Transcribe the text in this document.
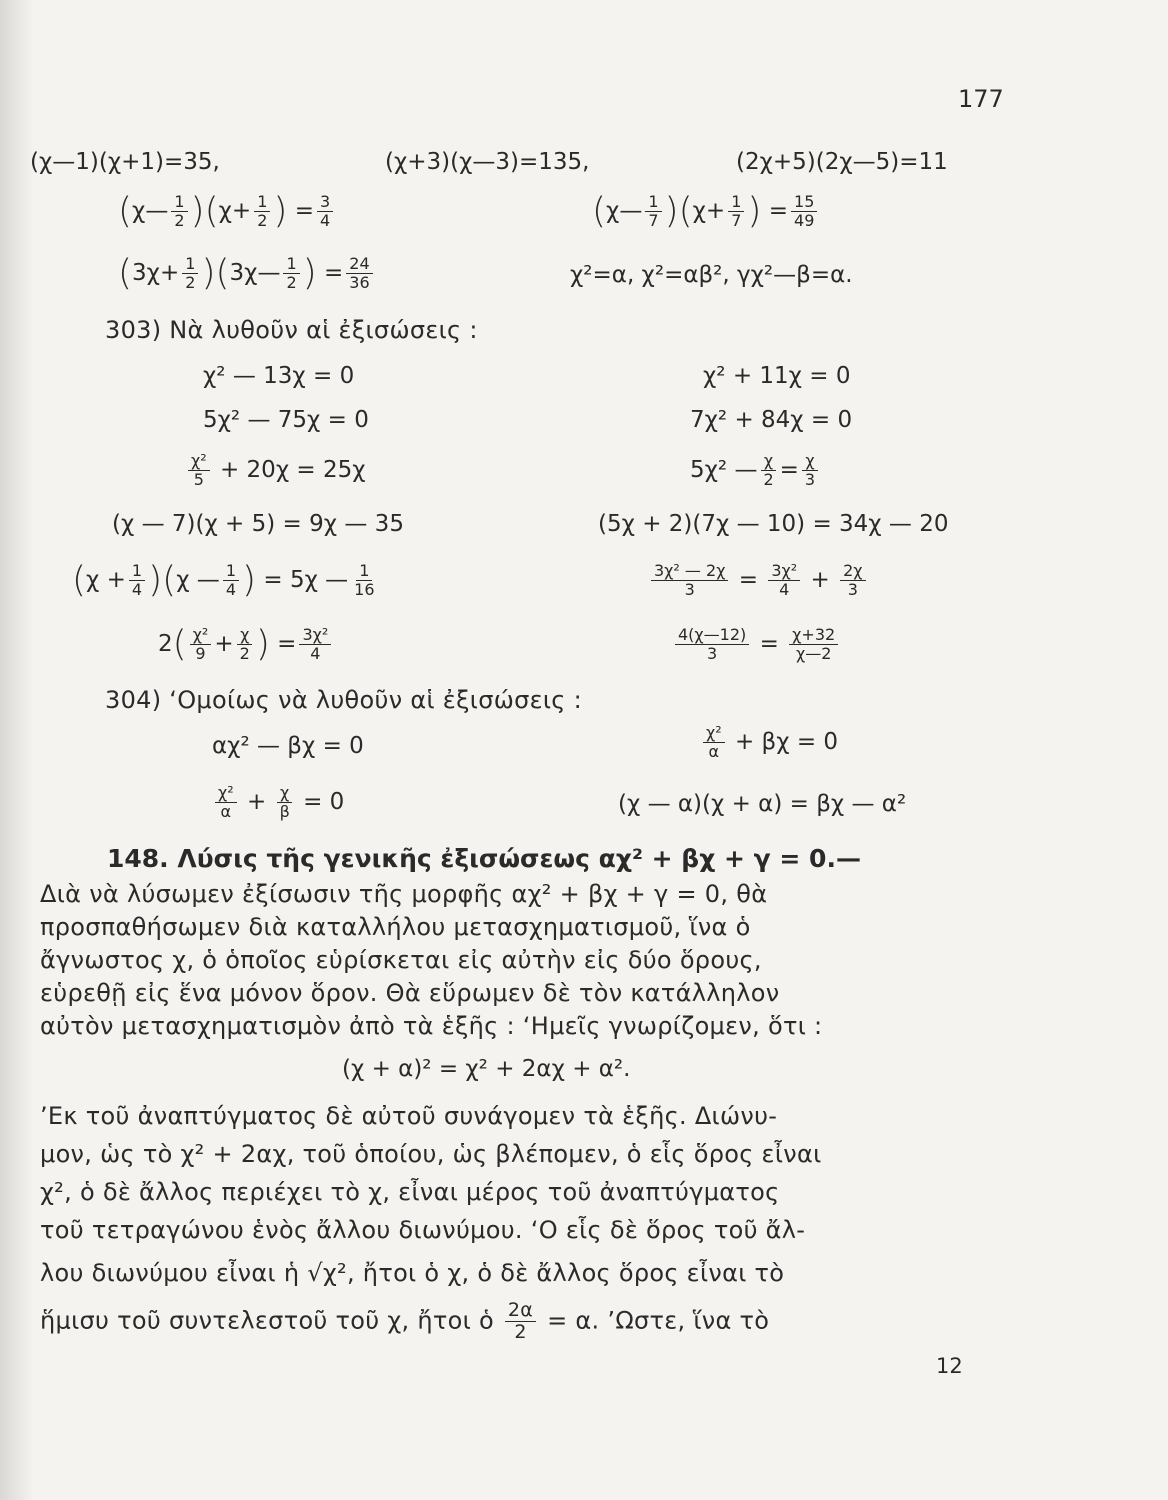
177
(χ—1)(χ+1)=35,	(χ+3)(χ—3)=135,	(2χ+5)(2χ—5)=11
(χ— $\frac{1}{2} )(\chi+ \frac{1}{2}$ ) = $\frac{3}{4}$	(χ— $\frac{1}{7} )(\chi+ \frac{1}{7}$ ) = $\frac{15}{49}$
($3\chi+ \frac{1}{2}$ )(3χ— $\frac{1}{2}$ ) = $\frac{24}{36}$	χ²=α, χ²=αβ², γχ²—β=α.
303) Νὰ λυθοῦν αἱ ἐξισώσεις :
χ² — 13χ = 0	χ² + 11χ = 0
5χ² — 75χ = 0	7χ² + 84χ = 0
$\frac{\text{χ²}}{5} + 20\chi = 25\chi$	5χ² — $\frac{\chi}{2} = \frac{\chi}{3}$
(χ — 7)(χ + 5) = 9χ — 35	(5χ + 2)(7χ — 10) = 34χ — 20
$(\chi + \frac{1}{4} )(\chi$ — $\frac{1}{4}$ ) = 5χ — $\frac{1}{16}$	$\frac{\text{3χ² — 2χ}}{3} = \frac{\text{3χ²}}{4} + \frac{2\chi}{3}$
$2( \frac{\text{χ²}}{9} + \frac{\chi}{2}$ ) = $\frac{\text{3χ²}}{4}$	$\frac{4(\chi—12)}{3} = \frac{\chi+32}{\chi—2}$
304) ‘Ομοίως νὰ λυθοῦν αἱ ἐξισώσεις :
αχ² — βχ = 0	$\frac{\text{χ²}}{\alpha} + \beta\chi = 0$
$\frac{\text{χ²}}{\alpha} + \frac{\chi}{\beta} = 0$	(χ — α)(χ + α) = βχ — α²
148. Λύσις τῆς γενικῆς ἐξισώσεως αχ² + βχ + γ = 0.—
Διὰ νὰ λύσωμεν ἐξίσωσιν τῆς μορφῆς αχ² + βχ + γ = 0, θὰ
προσπαθήσωμεν διὰ καταλλήλου μετασχηματισμοῦ, ἵνα ὁ
ἄγνωστος χ, ὁ ὁποῖος εὑρίσκεται εἰς αὐτὴν εἰς δύο ὅρους,
εὑρεθῇ εἰς ἕνα μόνον ὅρον. Θὰ εὕρωμεν δὲ τὸν κατάλληλον
αὐτὸν μετασχηματισμὸν ἀπὸ τὰ ἑξῆς : ‘Ημεῖς γνωρίζομεν, ὅτι :
(χ + α)² = χ² + 2αχ + α².
’Εκ τοῦ ἀναπτύγματος δὲ αὐτοῦ συνάγομεν τὰ ἑξῆς. Διώνυ-
μον, ὡς τὸ χ² + 2αχ, τοῦ ὁποίου, ὡς βλέπομεν, ὁ εἷς ὅρος εἶναι
χ², ὁ δὲ ἄλλος περιέχει τὸ χ, εἶναι μέρος τοῦ ἀναπτύγματος
τοῦ τετραγώνου ἑνὸς ἄλλου διωνύμου. ‘Ο εἷς δὲ ὅρος τοῦ ἄλ-
λου διωνύμου εἶναι ἡ √χ², ἤτοι ὁ χ, ὁ δὲ ἄλλος ὅρος εἶναι τὸ
ἥμισυ τοῦ συντελεστοῦ τοῦ χ, ἤτοι ὁ $\frac{2\alpha}{2} = \alpha$. ’Ωστε, ἵνα τὸ
12
